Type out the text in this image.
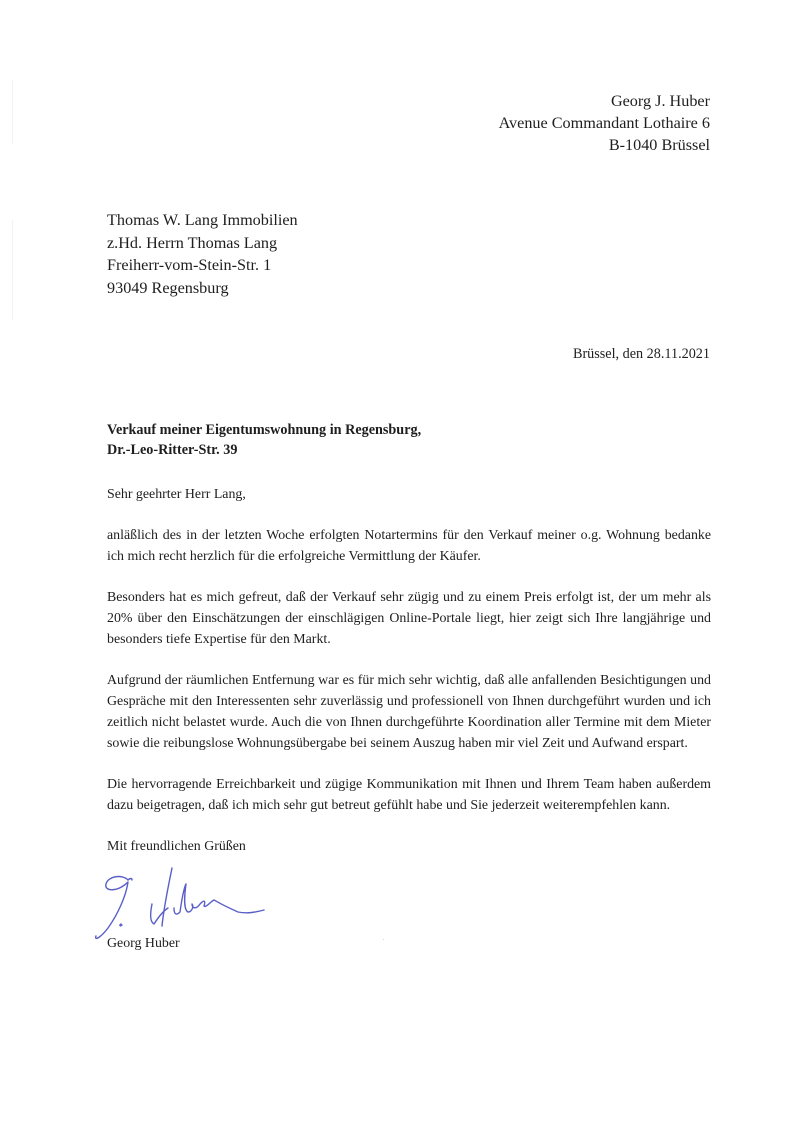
Georg J. Huber
Avenue Commandant Lothaire 6
B-1040 Brüssel
Thomas W. Lang Immobilien
z.Hd. Herrn Thomas Lang
Freiherr-vom-Stein-Str. 1
93049 Regensburg
Brüssel, den 28.11.2021
Verkauf meiner Eigentumswohnung in Regensburg,
Dr.-Leo-Ritter-Str. 39

Sehr geehrter Herr Lang,

anläßlich des in der letzten Woche erfolgten Notartermins für den Verkauf meiner o.g. Wohnung bedanke ich mich recht herzlich für die erfolgreiche Vermittlung der Käufer.

Besonders hat es mich gefreut, daß der Verkauf sehr zügig und zu einem Preis erfolgt ist, der um mehr als 20% über den Einschätzungen der einschlägigen Online-Portale liegt, hier zeigt sich Ihre langjährige und besonders tiefe Expertise für den Markt.

Aufgrund der räumlichen Entfernung war es für mich sehr wichtig, daß alle anfallenden Besichtigungen und Gespräche mit den Interessenten sehr zuverlässig und professionell von Ihnen durchgeführt wurden und ich zeitlich nicht belastet wurde. Auch die von Ihnen durchgeführte Koordination aller Termine mit dem Mieter sowie die reibungslose Wohnungsübergabe bei seinem Auszug haben mir viel Zeit und Aufwand erspart.

Die hervorragende Erreichbarkeit und zügige Kommunikation mit Ihnen und Ihrem Team haben außerdem dazu beigetragen, daß ich mich sehr gut betreut gefühlt habe und Sie jederzeit weiterempfehlen kann.

Mit freundlichen Grüßen

Georg Huber
